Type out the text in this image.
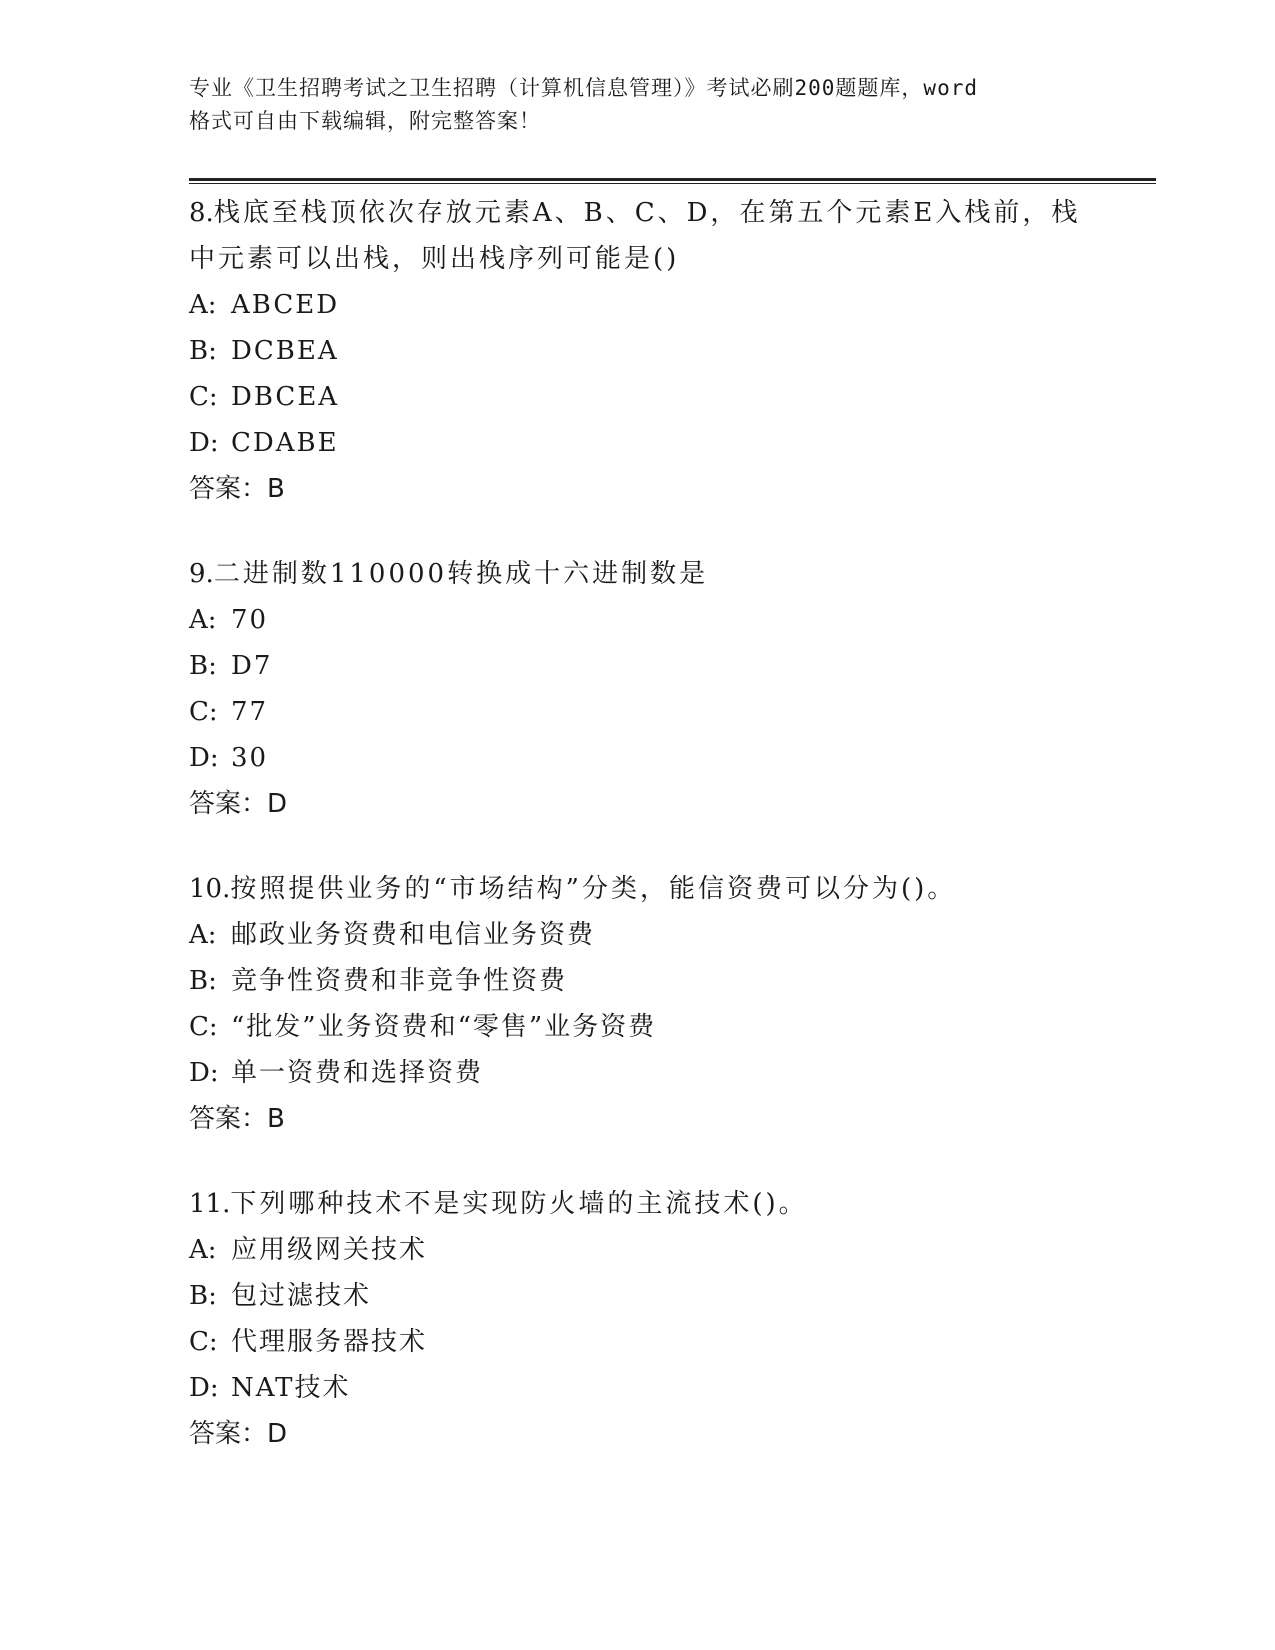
专业《卫生招聘考试之卫生招聘（计算机信息管理）》考试必刷200题题库，word
格式可自由下载编辑，附完整答案！
8.栈底至栈顶依次存放元素A、B、C、D，在第五个元素E入栈前，栈中元素可以出栈，则出栈序列可能是()
A: ABCED
B: DCBEA
C: DBCEA
D: CDABE
答案：B
9.二进制数110000转换成十六进制数是
A: 70
B: D7
C: 77
D: 30
答案：D
10.按照提供业务的“市场结构”分类，能信资费可以分为()。
A: 邮政业务资费和电信业务资费
B: 竞争性资费和非竞争性资费
C: “批发”业务资费和“零售”业务资费
D: 单一资费和选择资费
答案：B
11.下列哪种技术不是实现防火墙的主流技术()。
A: 应用级网关技术
B: 包过滤技术
C: 代理服务器技术
D: NAT技术
答案：D
